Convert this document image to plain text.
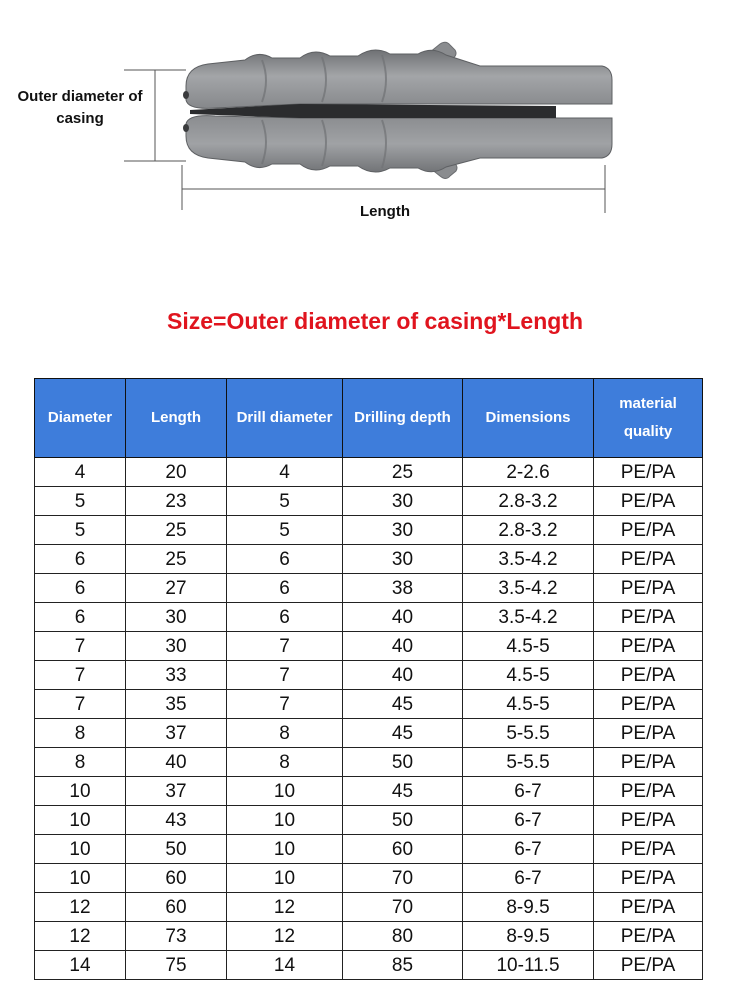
Outer diameter of casing
Length
Size=Outer diameter of casing*Length
Diameter	Length	Drill diameter	Drilling depth	Dimensions	material quality
4	20	4	25	2-2.6	PE/PA
5	23	5	30	2.8-3.2	PE/PA
5	25	5	30	2.8-3.2	PE/PA
6	25	6	30	3.5-4.2	PE/PA
6	27	6	38	3.5-4.2	PE/PA
6	30	6	40	3.5-4.2	PE/PA
7	30	7	40	4.5-5	PE/PA
7	33	7	40	4.5-5	PE/PA
7	35	7	45	4.5-5	PE/PA
8	37	8	45	5-5.5	PE/PA
8	40	8	50	5-5.5	PE/PA
10	37	10	45	6-7	PE/PA
10	43	10	50	6-7	PE/PA
10	50	10	60	6-7	PE/PA
10	60	10	70	6-7	PE/PA
12	60	12	70	8-9.5	PE/PA
12	73	12	80	8-9.5	PE/PA
14	75	14	85	10-11.5	PE/PA
